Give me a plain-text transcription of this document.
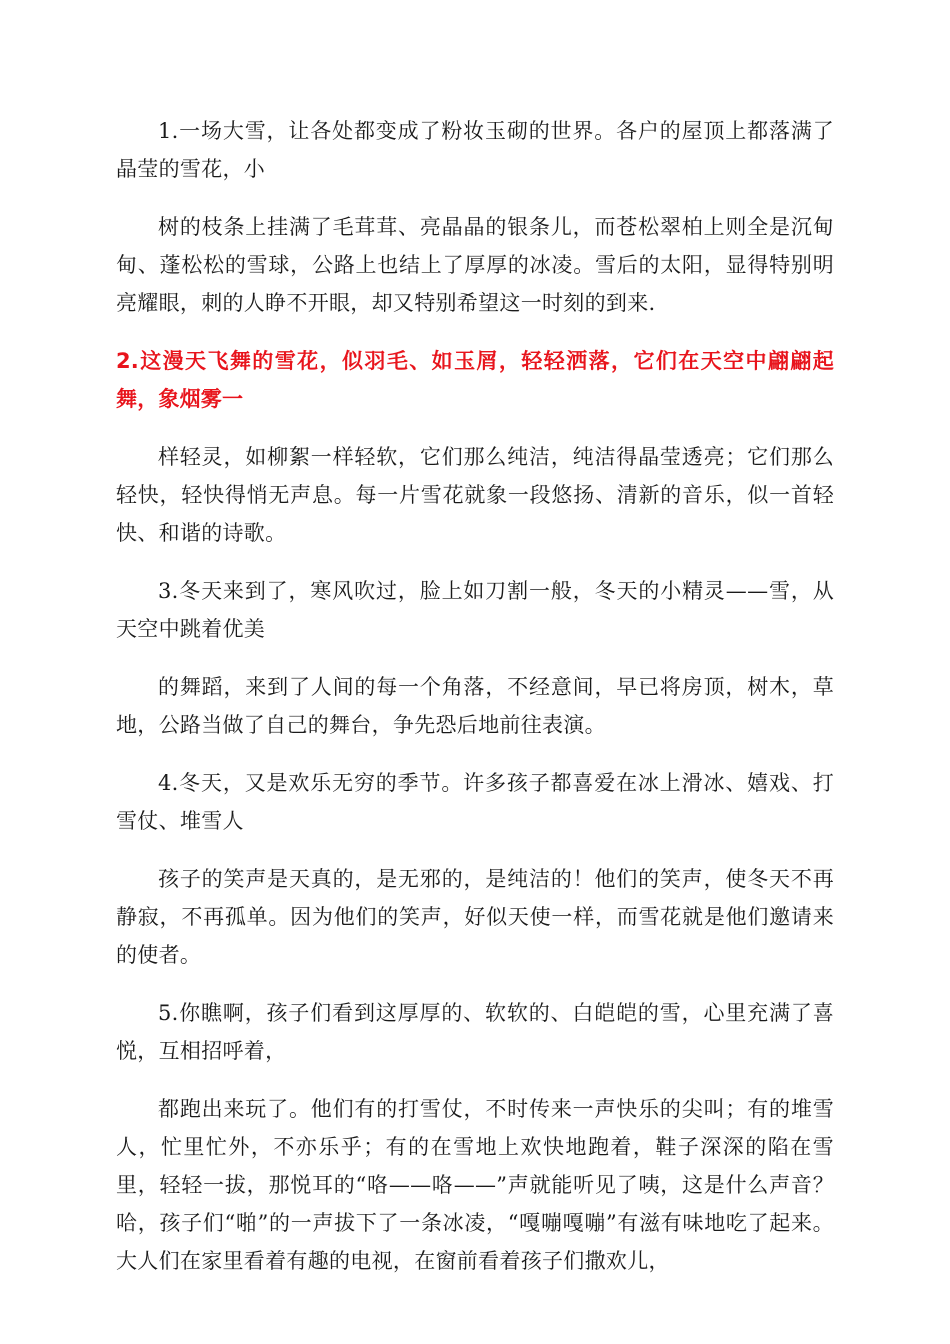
1.一场大雪，让各处都变成了粉妆玉砌的世界。各户的屋顶上都落满了晶莹的雪花，小

树的枝条上挂满了毛茸茸、亮晶晶的银条儿，而苍松翠柏上则全是沉甸甸、蓬松松的雪球，公路上也结上了厚厚的冰凌。雪后的太阳，显得特别明亮耀眼，刺的人睁不开眼，却又特别希望这一时刻的到来.

2.这漫天飞舞的雪花，似羽毛、如玉屑，轻轻洒落，它们在天空中翩翩起舞，象烟雾一

样轻灵，如柳絮一样轻软，它们那么纯洁，纯洁得晶莹透亮；它们那么轻快，轻快得悄无声息。每一片雪花就象一段悠扬、清新的音乐，似一首轻快、和谐的诗歌。

3.冬天来到了，寒风吹过，脸上如刀割一般，冬天的小精灵——雪，从天空中跳着优美

的舞蹈，来到了人间的每一个角落，不经意间，早已将房顶，树木，草地，公路当做了自己的舞台，争先恐后地前往表演。

4.冬天，又是欢乐无穷的季节。许多孩子都喜爱在冰上滑冰、嬉戏、打雪仗、堆雪人

孩子的笑声是天真的，是无邪的，是纯洁的！他们的笑声，使冬天不再静寂，不再孤单。因为他们的笑声，好似天使一样，而雪花就是他们邀请来的使者。

5.你瞧啊，孩子们看到这厚厚的、软软的、白皑皑的雪，心里充满了喜悦，互相招呼着，

都跑出来玩了。他们有的打雪仗，不时传来一声快乐的尖叫；有的堆雪人，忙里忙外，不亦乐乎；有的在雪地上欢快地跑着，鞋子深深的陷在雪里，轻轻一拔，那悦耳的“咯——咯——”声就能听见了咦，这是什么声音？哈，孩子们“啪”的一声拔下了一条冰凌，“嘎嘣嘎嘣”有滋有味地吃了起来。大人们在家里看着有趣的电视，在窗前看着孩子们撒欢儿，
